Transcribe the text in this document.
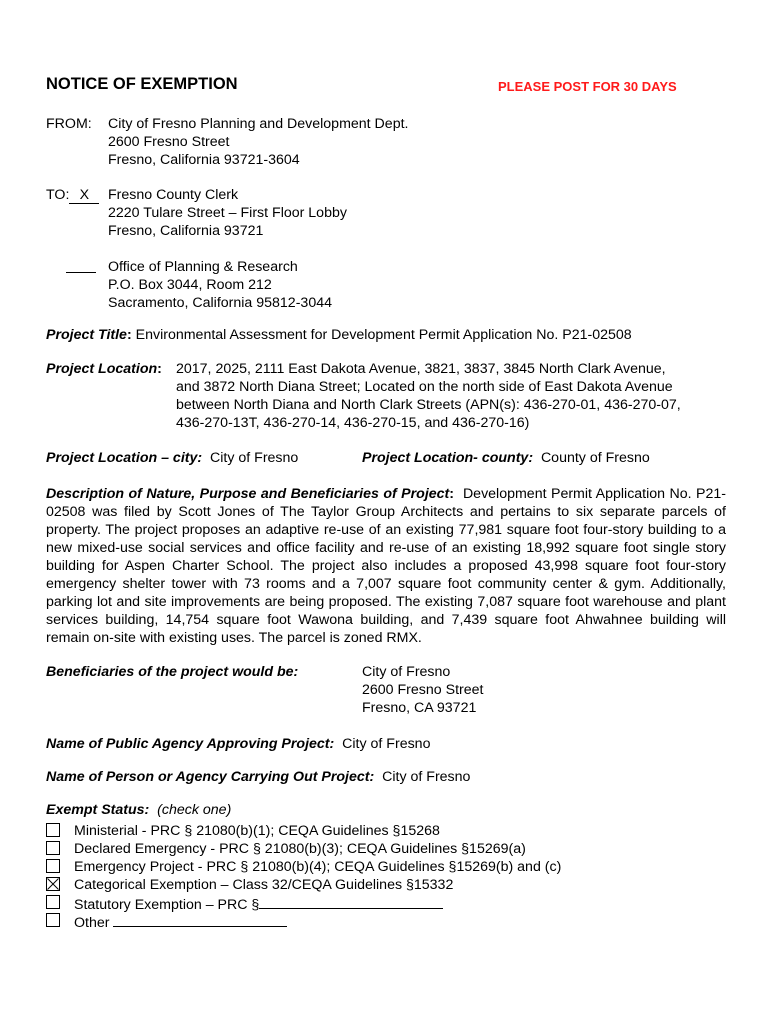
NOTICE OF EXEMPTION	PLEASE POST FOR 30 DAYS
FROM: City of Fresno Planning and Development Dept.
2600 Fresno Street
Fresno, California 93721-3604
TO: X	Fresno County Clerk
2220 Tulare Street – First Floor Lobby
Fresno, California 93721
Office of Planning & Research
P.O. Box 3044, Room 212
Sacramento, California 95812-3044
Project Title: Environmental Assessment for Development Permit Application No. P21-02508
Project Location: 2017, 2025, 2111 East Dakota Avenue, 3821, 3837, 3845 North Clark Avenue,
and 3872 North Diana Street; Located on the north side of East Dakota Avenue
between North Diana and North Clark Streets (APN(s): 436-270-01, 436-270-07,
436-270-13T, 436-270-14, 436-270-15, and 436-270-16)
Project Location – city: City of Fresno	Project Location- county: County of Fresno
Description of Nature, Purpose and Beneficiaries of Project:  Development Permit Application No. P21-02508 was filed by Scott Jones of The Taylor Group Architects and pertains to six separate parcels of property. The project proposes an adaptive re-use of an existing 77,981 square foot four-story building to a new mixed-use social services and office facility and re-use of an existing 18,992 square foot single story building for Aspen Charter School. The project also includes a proposed 43,998 square foot four-story emergency shelter tower with 73 rooms and a 7,007 square foot community center & gym. Additionally, parking lot and site improvements are being proposed. The existing 7,087 square foot warehouse and plant services building, 14,754 square foot Wawona building, and 7,439 square foot Ahwahnee building will remain on-site with existing uses. The parcel is zoned RMX.
Beneficiaries of the project would be:	City of Fresno
2600 Fresno Street
Fresno, CA 93721
Name of Public Agency Approving Project: City of Fresno
Name of Person or Agency Carrying Out Project: City of Fresno
Exempt Status: (check one)
Ministerial - PRC § 21080(b)(1); CEQA Guidelines §15268
Declared Emergency - PRC § 21080(b)(3); CEQA Guidelines §15269(a)
Emergency Project - PRC § 21080(b)(4); CEQA Guidelines §15269(b) and (c)
Categorical Exemption – Class 32/CEQA Guidelines §15332
Statutory Exemption – PRC §
Other
